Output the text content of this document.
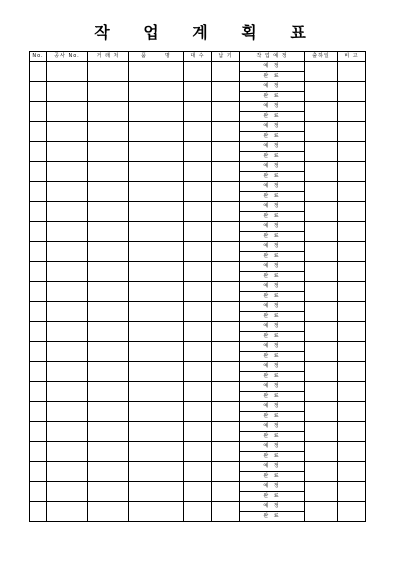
작 업 계 획 표
No.	공사 No.	거 래 처	품　　　명	대 수	납 기	작 업 예 정	출하일	비 고
						예 정		
						완 료		
						예 정		
						완 료		
						예 정		
						완 료		
						예 정		
						완 료		
						예 정		
						완 료		
						예 정		
						완 료		
						예 정		
						완 료		
						예 정		
						완 료		
						예 정		
						완 료		
						예 정		
						완 료		
						예 정		
						완 료		
						예 정		
						완 료		
						예 정		
						완 료		
						예 정		
						완 료		
						예 정		
						완 료		
						예 정		
						완 료		
						예 정		
						완 료		
						예 정		
						완 료		
						예 정		
						완 료		
						예 정		
						완 료		
						예 정		
						완 료		
						예 정		
						완 료		
						예 정		
						완 료		
